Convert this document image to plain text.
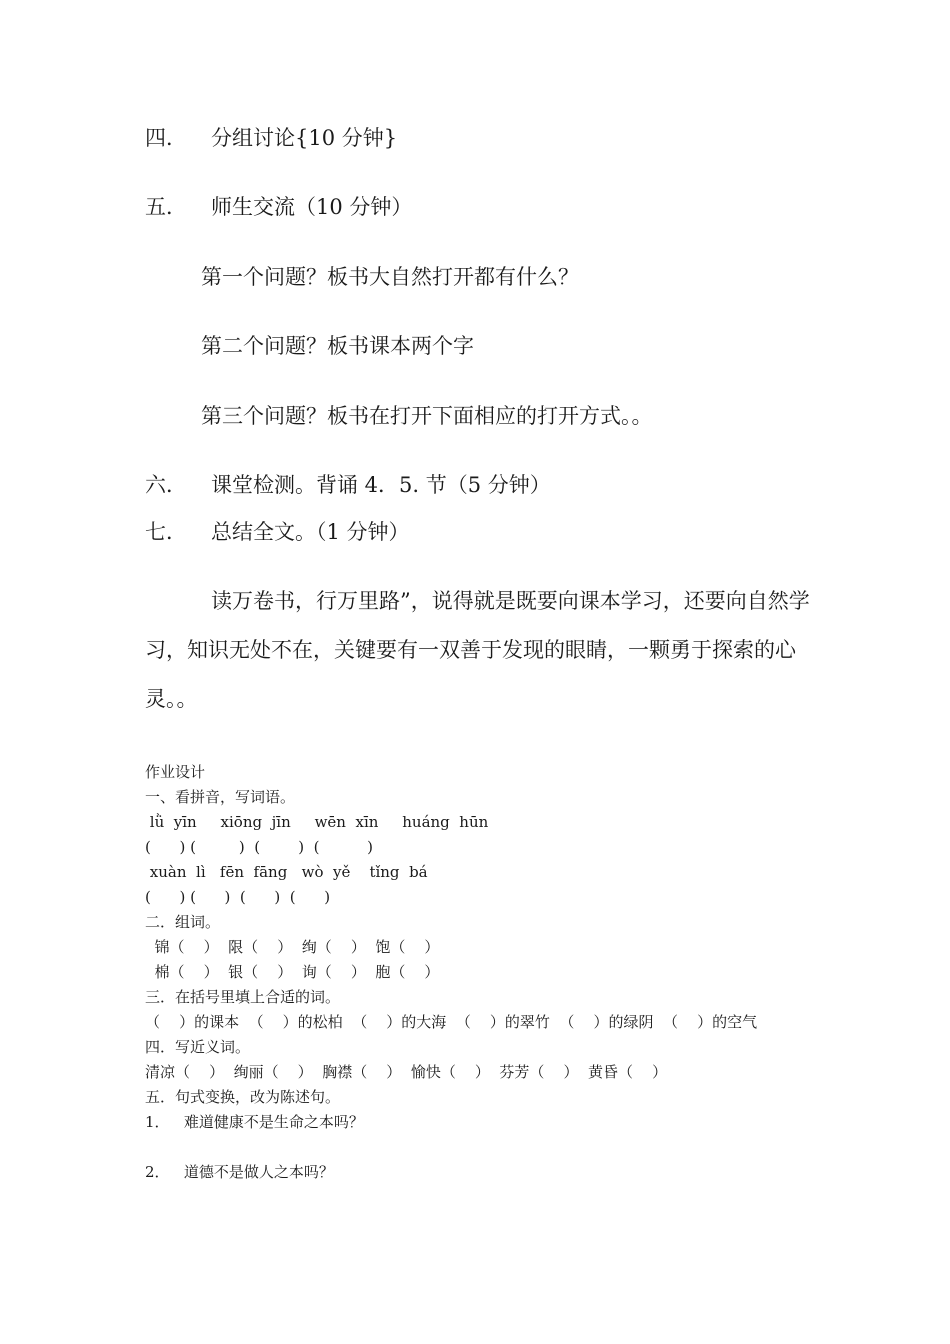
四．	分组讨论{10 分钟}
五．	师生交流（10 分钟）
第一个问题？板书大自然打开都有什么？
第二个问题？板书课本两个字
第三个问题？板书在打开下面相应的打开方式。。
六．	课堂检测。背诵 4．5. 节（5 分钟）
七．	总结全文。（1 分钟）
读万卷书，行万里路”，说得就是既要向课本学习，还要向自然学习，知识无处不在，关键要有一双善于发现的眼睛，一颗勇于探索的心灵。。
作业设计
一、看拼音，写词语。
lǜ  yīn     xiōng  jīn     wēn  xīn     huáng  hūn
(      ) (         )  (        )  (          )
xuàn  lì   fēn  fāng   wò  yě    tǐng  bá
(      ) (      )  (      )  (      )
二．组词。
锦（    ）  限（    ）  绚（    ）  饱（    ）
棉（    ）  银（    ）  询（    ）  胞（    ）
三．在括号里填上合适的词。
（    ）的课本  （    ）的松柏  （    ）的大海  （    ）的翠竹  （    ）的绿阴  （    ）的空气
四．写近义词。
清凉（    ）  绚丽（    ）  胸襟（    ）  愉快（    ）  芬芳（    ）  黄昏（    ）
五．句式变换，改为陈述句。
1．   难道健康不是生命之本吗？
2．   道德不是做人之本吗？
